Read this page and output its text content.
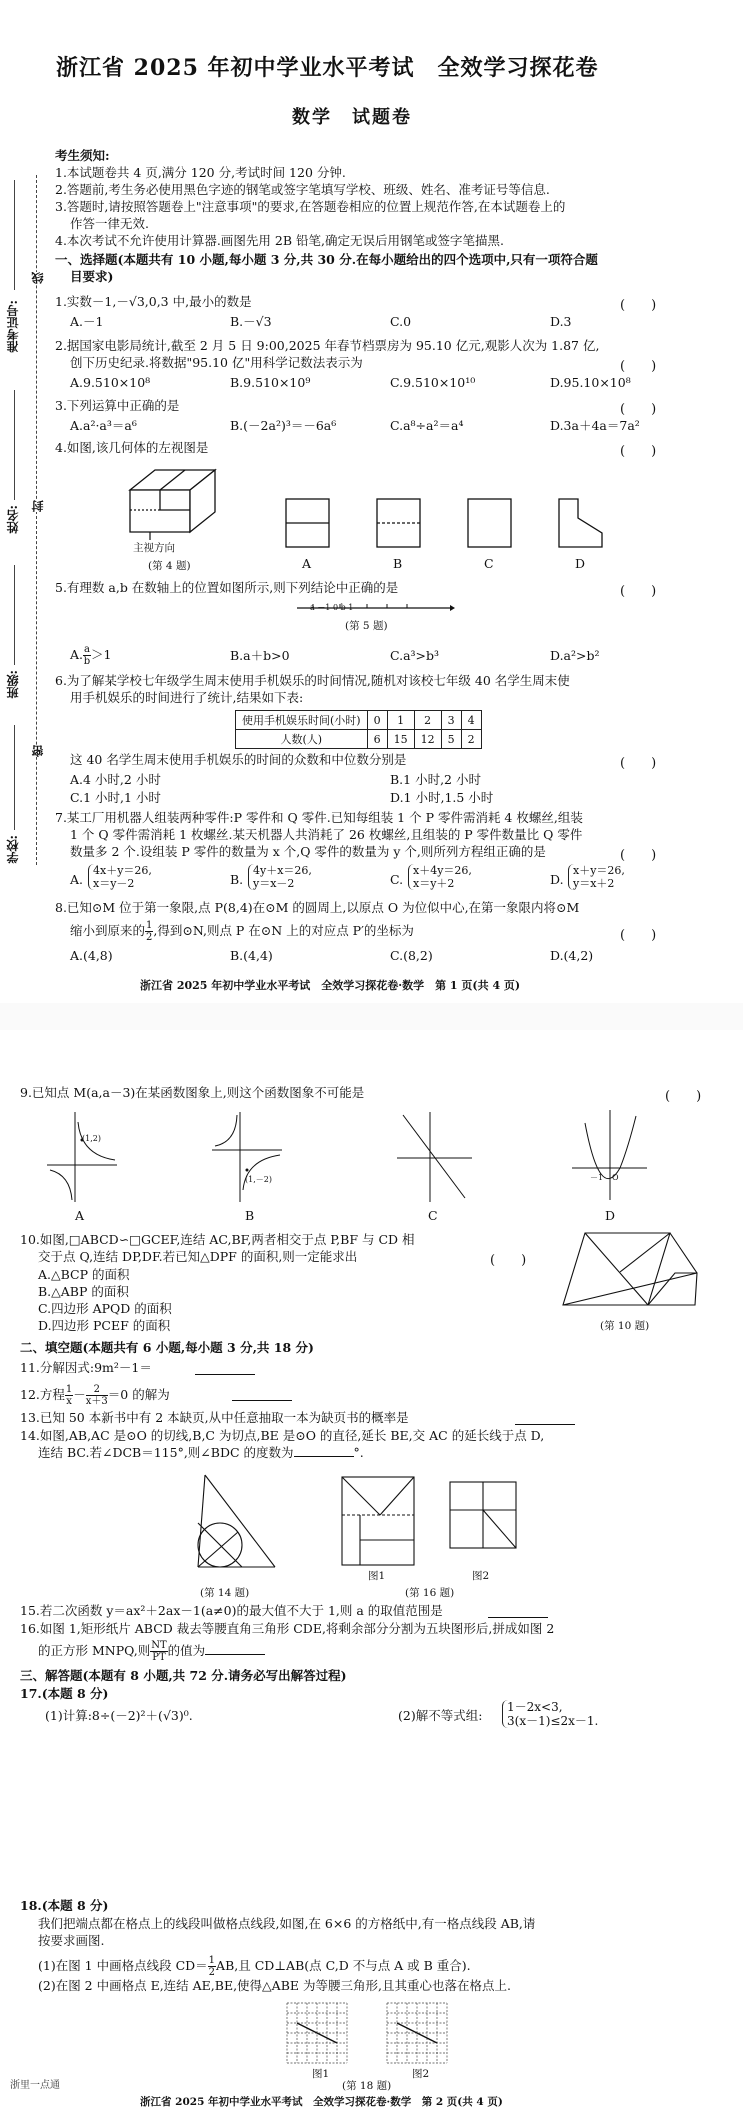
浙江省 2025 年初中学业水平考试　全效学习探花卷
数学　试题卷
准考证号:
姓名:
班级:
学校:
线
封
密
考生须知:
1.本试题卷共 4 页,满分 120 分,考试时间 120 分钟.
2.答题前,考生务必使用黑色字迹的钢笔或签字笔填写学校、班级、姓名、准考证号等信息.
3.答题时,请按照答题卷上"注意事项"的要求,在答题卷相应的位置上规范作答,在本试题卷上的
作答一律无效.
4.本次考试不允许使用计算器.画图先用 2B 铅笔,确定无误后用钢笔或签字笔描黑.
一、选择题(本题共有 10 小题,每小题 3 分,共 30 分.在每小题给出的四个选项中,只有一项符合题
目要求)
1.实数－1,－√3,0,3 中,最小的数是	(　　)
A.－1	B.－√3	C.0	D.3
2.据国家电影局统计,截至 2 月 5 日 9:00,2025 年春节档票房为 95.10 亿元,观影人次为 1.87 亿,
创下历史纪录.将数据"95.10 亿"用科学记数法表示为	(　　)
A.9.510×10⁸	B.9.510×10⁹	C.9.510×10¹⁰	D.95.10×10⁸
3.下列运算中正确的是	(　　)
A.a²·a³＝a⁶	B.(－2a²)³＝－6a⁶	C.a⁸÷a²＝a⁴	D.3a＋4a＝7a²
4.如图,该几何体的左视图是	(　　)
主视方向
(第 4 题)	A	B	C	D
5.有理数 a,b 在数轴上的位置如图所示,则下列结论中正确的是	(　　)
a －1 0 b 1
(第 5 题)
A. $\frac{a}{b} >1$	B.a＋b>0	C.a³>b³	D.a²>b²
6.为了解某学校七年级学生周末使用手机娱乐的时间情况,随机对该校七年级 40 名学生周末使
用手机娱乐的时间进行了统计,结果如下表:
使用手机娱乐时间(小时)	0	1	2	3	4
人数(人)	6	15	12	5	2
这 40 名学生周末使用手机娱乐的时间的众数和中位数分别是	(　　)
A.4 小时,2 小时	B.1 小时,2 小时
C.1 小时,1 小时	D.1 小时,1.5 小时
7.某工厂用机器人组装两种零件:P 零件和 Q 零件.已知每组装 1 个 P 零件需消耗 4 枚螺丝,组装
1 个 Q 零件需消耗 1 枚螺丝.某天机器人共消耗了 26 枚螺丝,且组装的 P 零件数量比 Q 零件
数量多 2 个.设组装 P 零件的数量为 x 个,Q 零件的数量为 y 个,则所列方程组正确的是	(　　)
A.
4x＋y＝26,
x＝y－2	B.
4y＋x＝26,
y＝x－2	C.
x＋4y＝26,
x＝y＋2	D.
x＋y＝26,
y＝x＋2
8.已知⊙M 位于第一象限,点 P(8,4)在⊙M 的圆周上,以原点 O 为位似中心,在第一象限内将⊙M
缩小到原来的 $\frac{1}{2}$ ,得到⊙N,则点 P 在⊙N 上的对应点 P′的坐标为	(　　)
A.(4,8)	B.(4,4)	C.(8,2)	D.(4,2)
浙江省 2025 年初中学业水平考试　全效学习探花卷·数学　第 1 页(共 4 页)
9.已知点 M(a,a－3)在某函数图象上,则这个函数图象不可能是	(　　)
(1,2)
(1,－2)	－1 O
A	B	C	D
10.如图,□ABCD∽□GCEF,连结 AC,BF,两者相交于点 P,BF 与 CD 相
交于点 Q,连结 DP,DF.若已知△DPF 的面积,则一定能求出	(　　)
A.△BCP 的面积
B.△ABP 的面积
C.四边形 APQD 的面积
D.四边形 PCEF 的面积	(第 10 题)
二、填空题(本题共有 6 小题,每小题 3 分,共 18 分)
11.分解因式:9m²－1＝
12.方程 $\frac{1}{x} - \frac{2}{x+3} =0$ 的解为
13.已知 50 本新书中有 2 本缺页,从中任意抽取一本为缺页书的概率是
14.如图,AB,AC 是⊙O 的切线,B,C 为切点,BE 是⊙O 的直径,延长 BE,交 AC 的延长线于点 D,
连结 BC.若∠DCB＝115°,则∠BDC 的度数为	°.
(第 14 题)
图1	图2
(第 16 题)
15.若二次函数 y＝ax²＋2ax－1(a≠0)的最大值不大于 1,则 a 的取值范围是
16.如图 1,矩形纸片 ABCD 裁去等腰直角三角形 CDE,将剩余部分分割为五块图形后,拼成如图 2
的正方形 MNPQ,则 $\frac{NT}{PT}$ 的值为
三、解答题(本题有 8 小题,共 72 分.请务必写出解答过程)
17.(本题 8 分)
(1)计算:8÷(－2)²＋(√3)⁰.	(2)解不等式组:
1－2x<3,
3(x－1)≤2x－1.
18.(本题 8 分)
我们把端点都在格点上的线段叫做格点线段,如图,在 6×6 的方格纸中,有一格点线段 AB,请
按要求画图.
(1)在图 1 中画格点线段 $CD= \frac{1}{2}$ AB,且 CD⊥AB(点 C,D 不与点 A 或 B 重合).
(2)在图 2 中画格点 E,连结 AE,BE,使得△ABE 为等腰三角形,且其重心也落在格点上.
图1	图2
(第 18 题)
浙里一点通
浙江省 2025 年初中学业水平考试　全效学习探花卷·数学　第 2 页(共 4 页)
